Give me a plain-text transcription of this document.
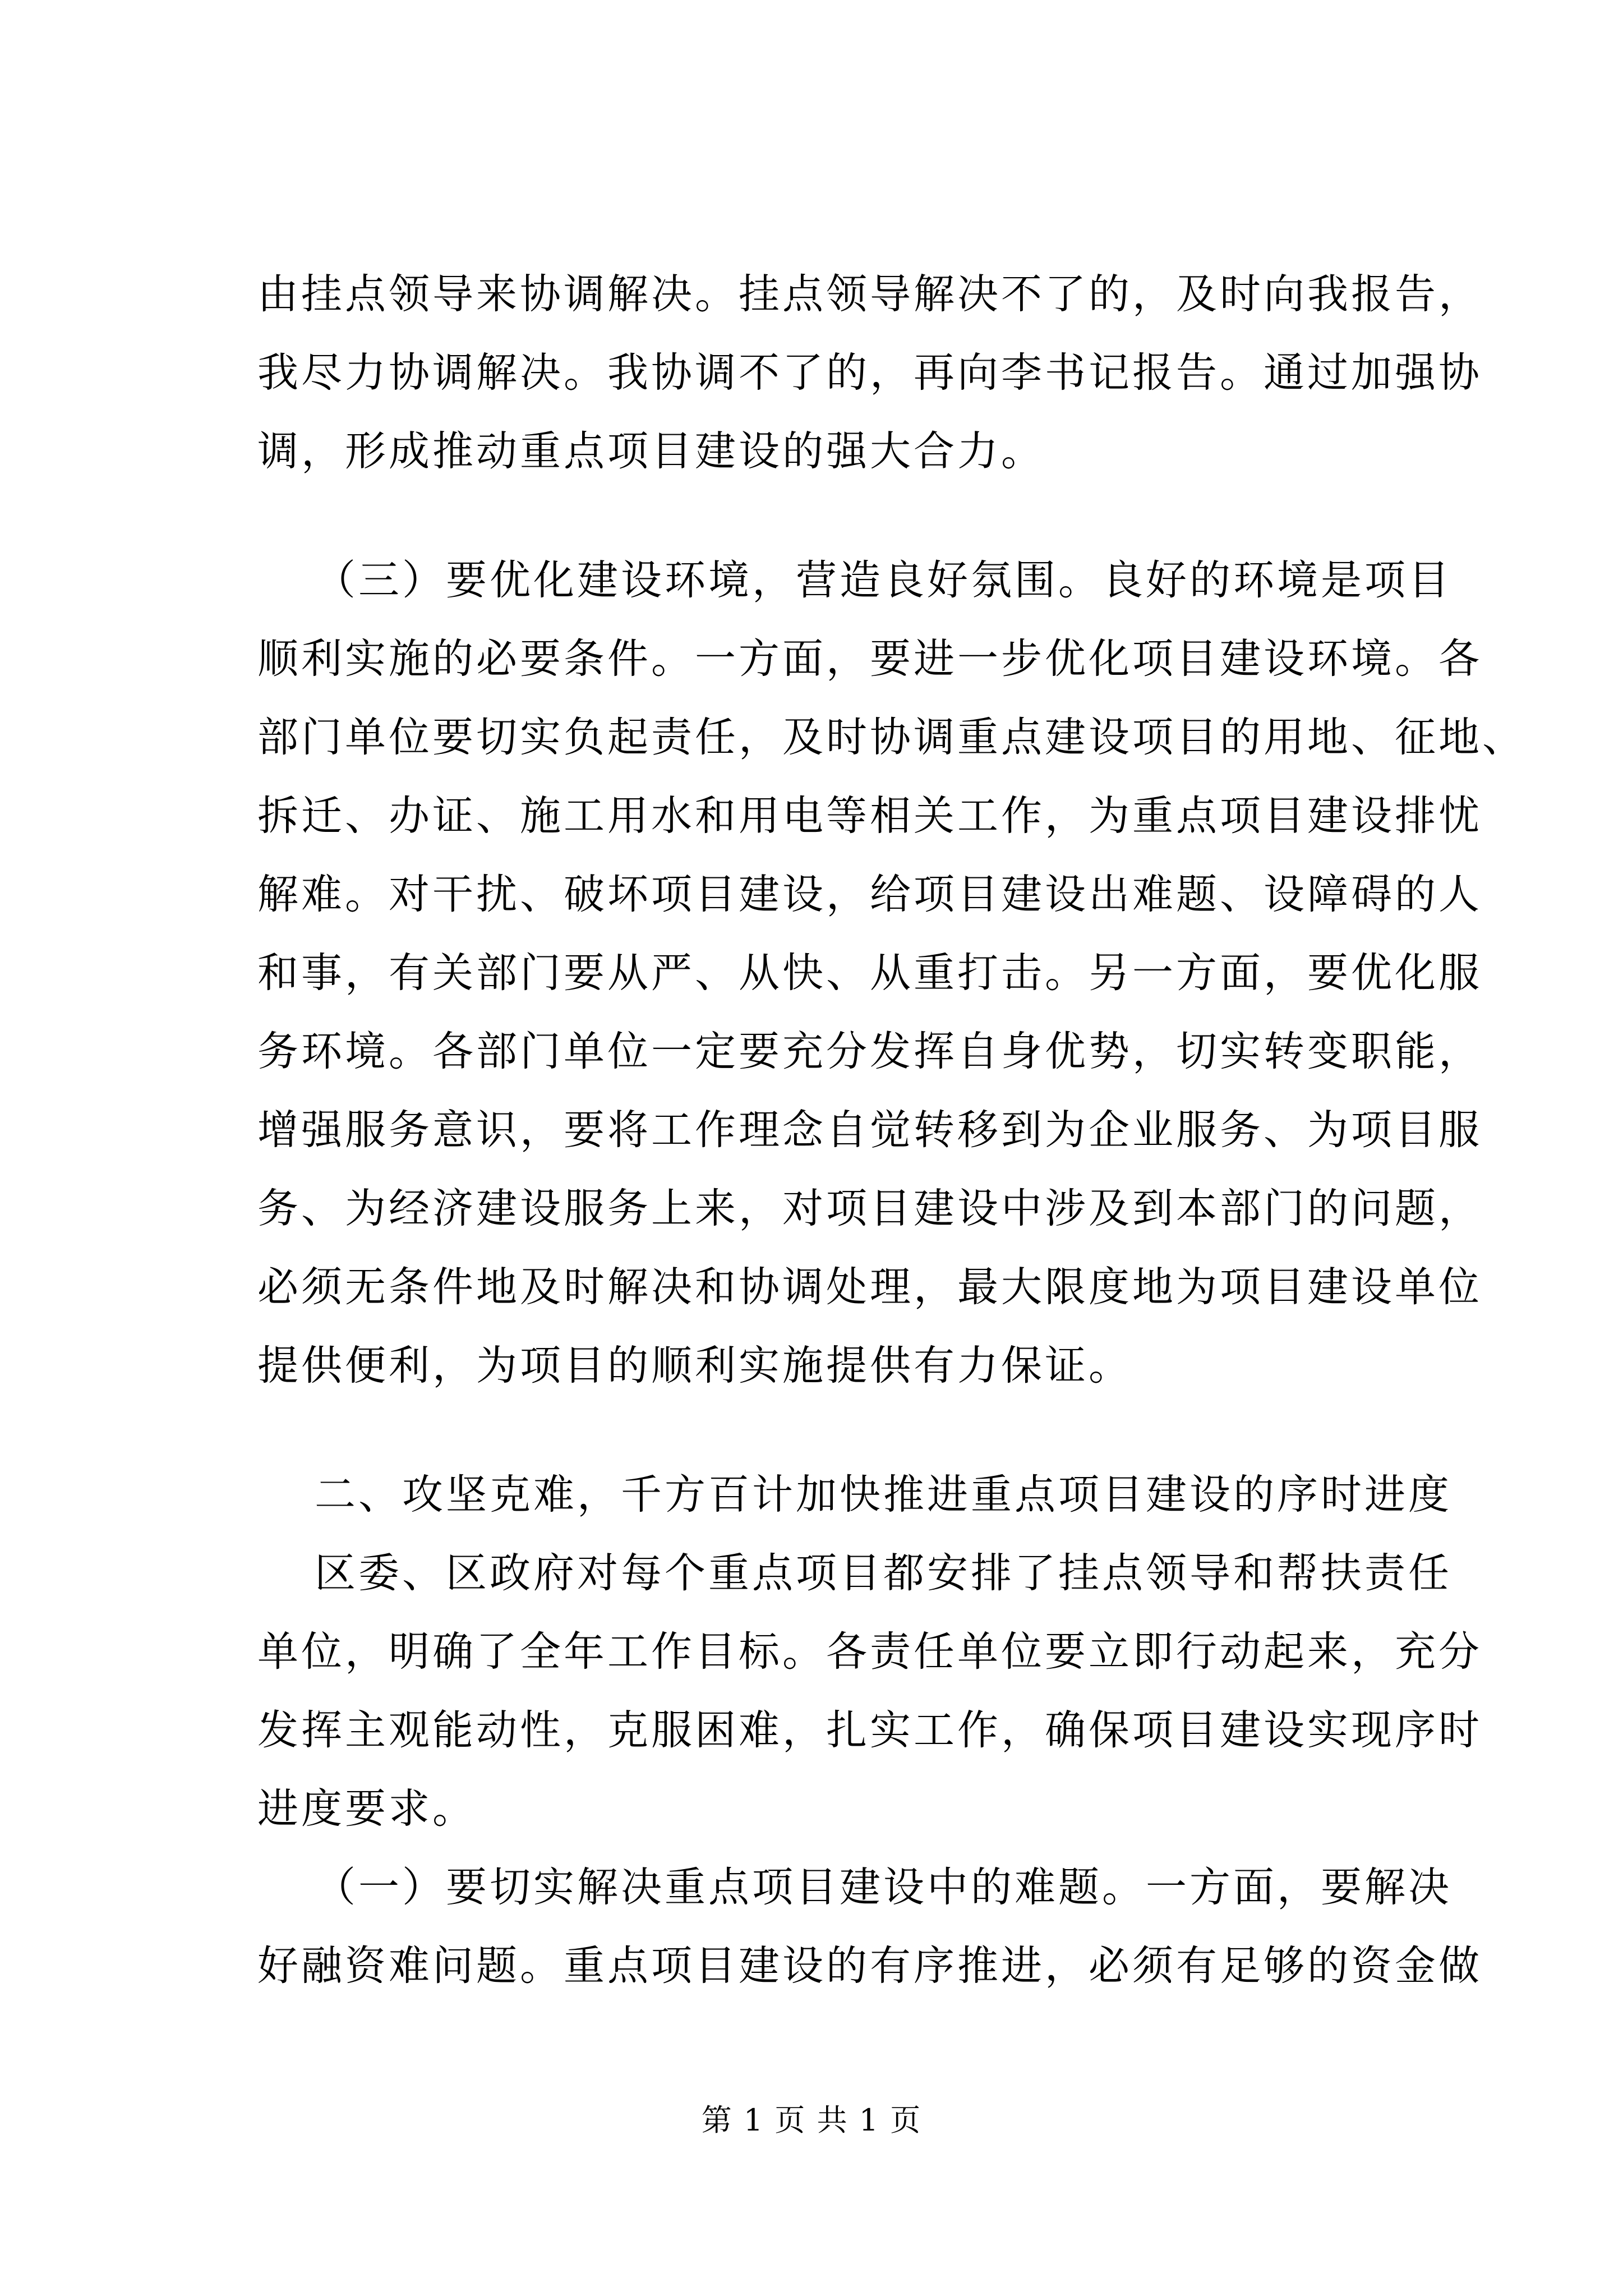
由挂点领导来协调解决。挂点领导解决不了的，及时向我报告，
我尽力协调解决。我协调不了的，再向李书记报告。通过加强协
调，形成推动重点项目建设的强大合力。
（三）要优化建设环境，营造良好氛围。良好的环境是项目
顺利实施的必要条件。一方面，要进一步优化项目建设环境。各
部门单位要切实负起责任，及时协调重点建设项目的用地、征地、
拆迁、办证、施工用水和用电等相关工作，为重点项目建设排忧
解难。对干扰、破坏项目建设，给项目建设出难题、设障碍的人
和事，有关部门要从严、从快、从重打击。另一方面，要优化服
务环境。各部门单位一定要充分发挥自身优势，切实转变职能，
增强服务意识，要将工作理念自觉转移到为企业服务、为项目服
务、为经济建设服务上来，对项目建设中涉及到本部门的问题，
必须无条件地及时解决和协调处理，最大限度地为项目建设单位
提供便利，为项目的顺利实施提供有力保证。
二、攻坚克难，千方百计加快推进重点项目建设的序时进度
区委、区政府对每个重点项目都安排了挂点领导和帮扶责任
单位，明确了全年工作目标。各责任单位要立即行动起来，充分
发挥主观能动性，克服困难，扎实工作，确保项目建设实现序时
进度要求。
（一）要切实解决重点项目建设中的难题。一方面，要解决
好融资难问题。重点项目建设的有序推进，必须有足够的资金做
第 1 页 共 1 页
